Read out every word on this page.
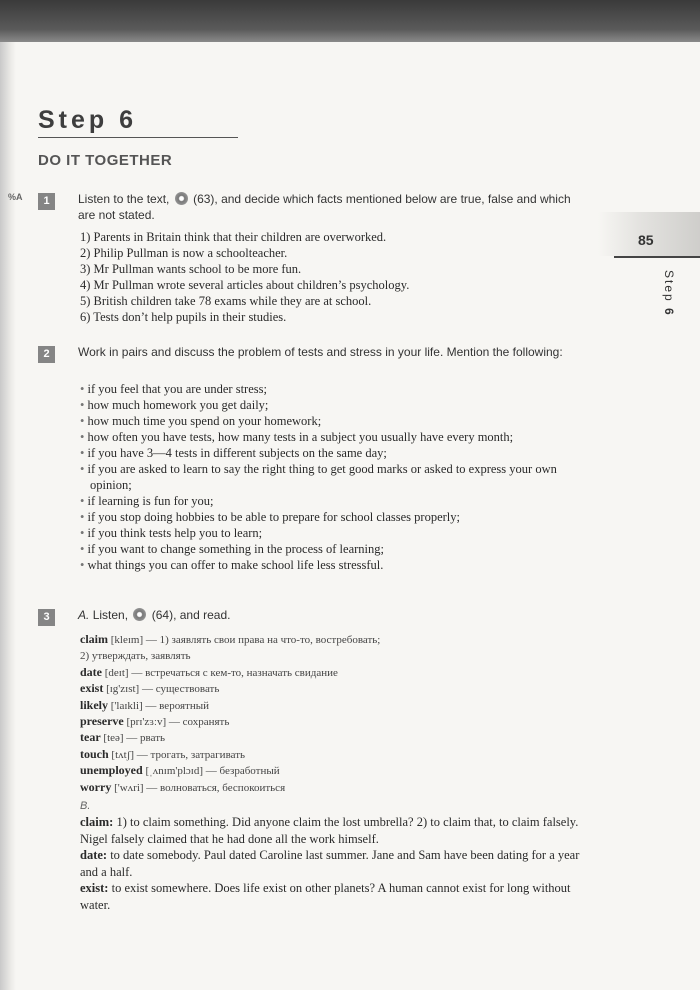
Step 6
DO IT TOGETHER
85
Step 6
%A	1	Listen to the text, (63), and decide which facts mentioned below are true, false and which are not stated.

1) Parents in Britain think that their children are overworked.
2) Philip Pullman is now a schoolteacher.
3) Mr Pullman wants school to be more fun.
4) Mr Pullman wrote several articles about children’s psychology.
5) British children take 78 exams while they are at school.
6) Tests don’t help pupils in their studies.
2	Work in pairs and discuss the problem of tests and stress in your life. Mention the following:

• if you feel that you are under stress;
• how much homework you get daily;
• how much time you spend on your homework;
• how often you have tests, how many tests in a subject you usually have every month;
• if you have 3—4 tests in different subjects on the same day;
• if you are asked to learn to say the right thing to get good marks or asked to express your own opinion;
• if learning is fun for you;
• if you stop doing hobbies to be able to prepare for school classes properly;
• if you think tests help you to learn;
• if you want to change something in the process of learning;
• what things you can offer to make school life less stressful.
3	A. Listen, (64), and read.

claim [kleɪm] — 1) заявлять свои права на что-то, востребовать;
2) утверждать, заявлять
date [deɪt] — встречаться с кем-то, назначать свидание
exist [ɪg'zɪst] — существовать
likely ['laɪkli] — вероятный
preserve [prɪ'zɜːv] — сохранять
tear [teə] — рвать
touch [tʌtʃ] — трогать, затрагивать
unemployed [ˌʌnɪm'plɔɪd] — безработный
worry ['wʌri] — волноваться, беспокоиться
B.
claim: 1) to claim something. Did anyone claim the lost umbrella? 2) to claim that, to claim falsely. Nigel falsely claimed that he had done all the work himself.
date: to date somebody. Paul dated Caroline last summer. Jane and Sam have been dating for a year and a half.
exist: to exist somewhere. Does life exist on other planets? A human cannot exist for long without water.
